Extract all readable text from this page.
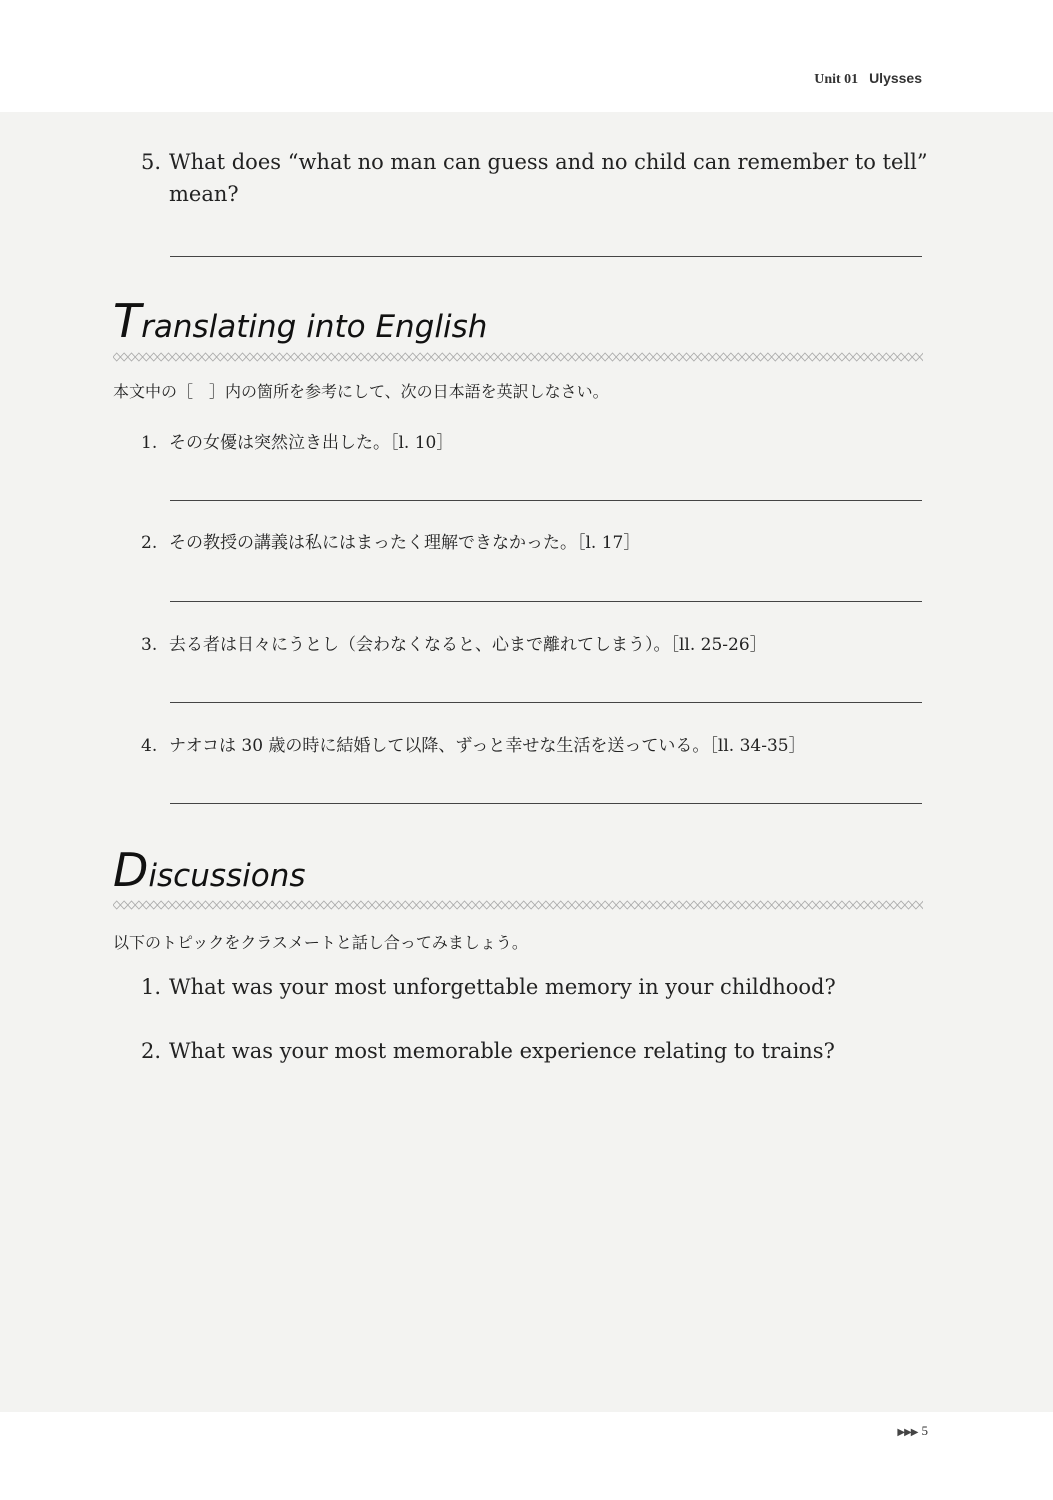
Unit 01 Ulysses
5. What does “what no man can guess and no child can remember to tell”
mean?
Translating into English
本文中の［　］内の箇所を参考にして、次の日本語を英訳しなさい。
1. その女優は突然泣き出した。［l. 10］
2. その教授の講義は私にはまったく理解できなかった。［l. 17］
3. 去る者は日々にうとし（会わなくなると、心まで離れてしまう）。［ll. 25-26］
4. ナオコは 30 歳の時に結婚して以降、ずっと幸せな生活を送っている。［ll. 34-35］
Discussions
以下のトピックをクラスメートと話し合ってみましょう。
1. What was your most unforgettable memory in your childhood?
2. What was your most memorable experience relating to trains?
▶▶▶ 5
